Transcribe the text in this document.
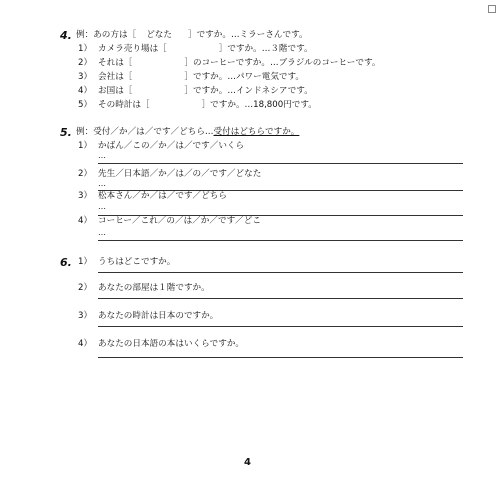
4. 例：あの方は［ どなた ］ですか。…ミラーさんです。
1） カメラ売り場は［	］ですか。…３階です。
2） それは［	］のコーヒーですか。…ブラジルのコーヒーです。
3） 会社は［	］ですか。…パワー電気です。
4） お国は［	］ですか。…インドネシアです。
5） その時計は［	］ですか。…18,800円です。
5. 例：受付／か／は／です／どちら…受付はどちらですか。
1） かばん／この／か／は／です／いくら
…
2） 先生／日本語／か／は／の／です／どなた
…
3） 松本さん／か／は／です／どちら
…
4） コーヒー／これ／の／は／か／です／どこ
…
6. 1） うちはどこですか。
2） あなたの部屋は１階ですか。
3） あなたの時計は日本のですか。
4） あなたの日本語の本はいくらですか。
4
